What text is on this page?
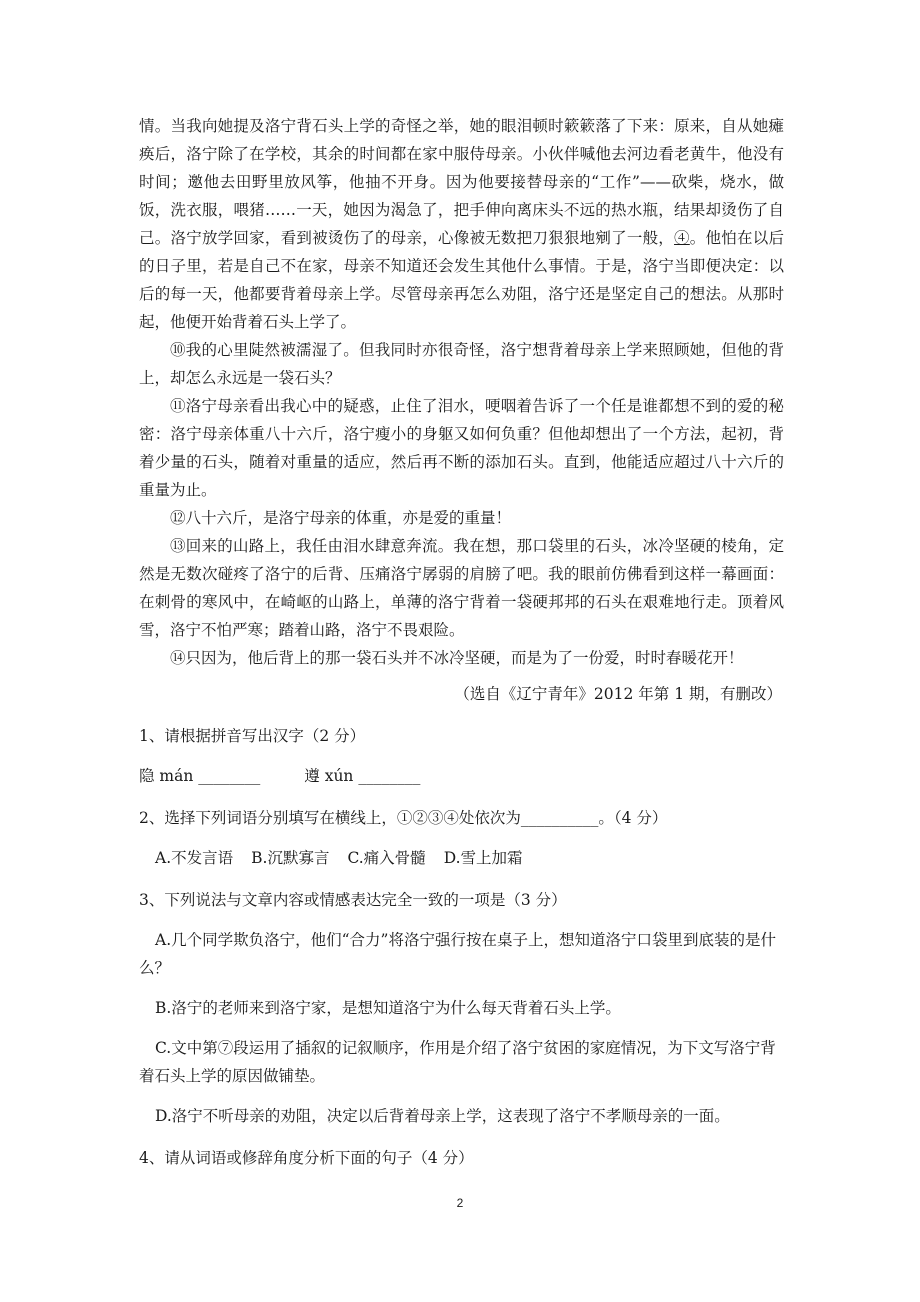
情。当我向她提及洛宁背石头上学的奇怪之举，她的眼泪顿时簌簌落了下来：原来，自从她瘫痪后，洛宁除了在学校，其余的时间都在家中服侍母亲。小伙伴喊他去河边看老黄牛，他没有时间；邀他去田野里放风筝，他抽不开身。因为他要接替母亲的“工作”——砍柴，烧水，做饭，洗衣服，喂猪……一天，她因为渴急了，把手伸向离床头不远的热水瓶，结果却烫伤了自己。洛宁放学回家，看到被烫伤了的母亲，心像被无数把刀狠狠地剜了一般，④。他怕在以后的日子里，若是自己不在家，母亲不知道还会发生其他什么事情。于是，洛宁当即便决定：以后的每一天，他都要背着母亲上学。尽管母亲再怎么劝阻，洛宁还是坚定自己的想法。从那时起，他便开始背着石头上学了。

⑩我的心里陡然被濡湿了。但我同时亦很奇怪，洛宁想背着母亲上学来照顾她，但他的背上，却怎么永远是一袋石头？

⑪洛宁母亲看出我心中的疑惑，止住了泪水，哽咽着告诉了一个任是谁都想不到的爱的秘密：洛宁母亲体重八十六斤，洛宁瘦小的身躯又如何负重？但他却想出了一个方法，起初，背着少量的石头，随着对重量的适应，然后再不断的添加石头。直到，他能适应超过八十六斤的重量为止。

⑫八十六斤，是洛宁母亲的体重，亦是爱的重量！

⑬回来的山路上，我任由泪水肆意奔流。我在想，那口袋里的石头，冰冷坚硬的棱角，定然是无数次碰疼了洛宁的后背、压痛洛宁孱弱的肩膀了吧。我的眼前仿佛看到这样一幕画面：在刺骨的寒风中，在崎岖的山路上，单薄的洛宁背着一袋硬邦邦的石头在艰难地行走。顶着风雪，洛宁不怕严寒；踏着山路，洛宁不畏艰险。

⑭只因为，他后背上的那一袋石头并不冰冷坚硬，而是为了一份爱，时时春暖花开！

（选自《辽宁青年》2012 年第 1 期，有删改）

1、请根据拼音写出汉字（2 分）

隐 mán ________	遵 xún ________

2、选择下列词语分别填写在横线上，①②③④处依次为__________。（4 分）

A.不发言语 B.沉默寡言 C.痛入骨髓 D.雪上加霜

3、下列说法与文章内容或情感表达完全一致的一项是（3 分）

A.几个同学欺负洛宁，他们“合力”将洛宁强行按在桌子上，想知道洛宁口袋里到底装的是什么？

B.洛宁的老师来到洛宁家，是想知道洛宁为什么每天背着石头上学。

C.文中第⑦段运用了插叙的记叙顺序，作用是介绍了洛宁贫困的家庭情况，为下文写洛宁背着石头上学的原因做铺垫。

D.洛宁不听母亲的劝阻，决定以后背着母亲上学，这表现了洛宁不孝顺母亲的一面。

4、请从词语或修辞角度分析下面的句子（4 分）

2
